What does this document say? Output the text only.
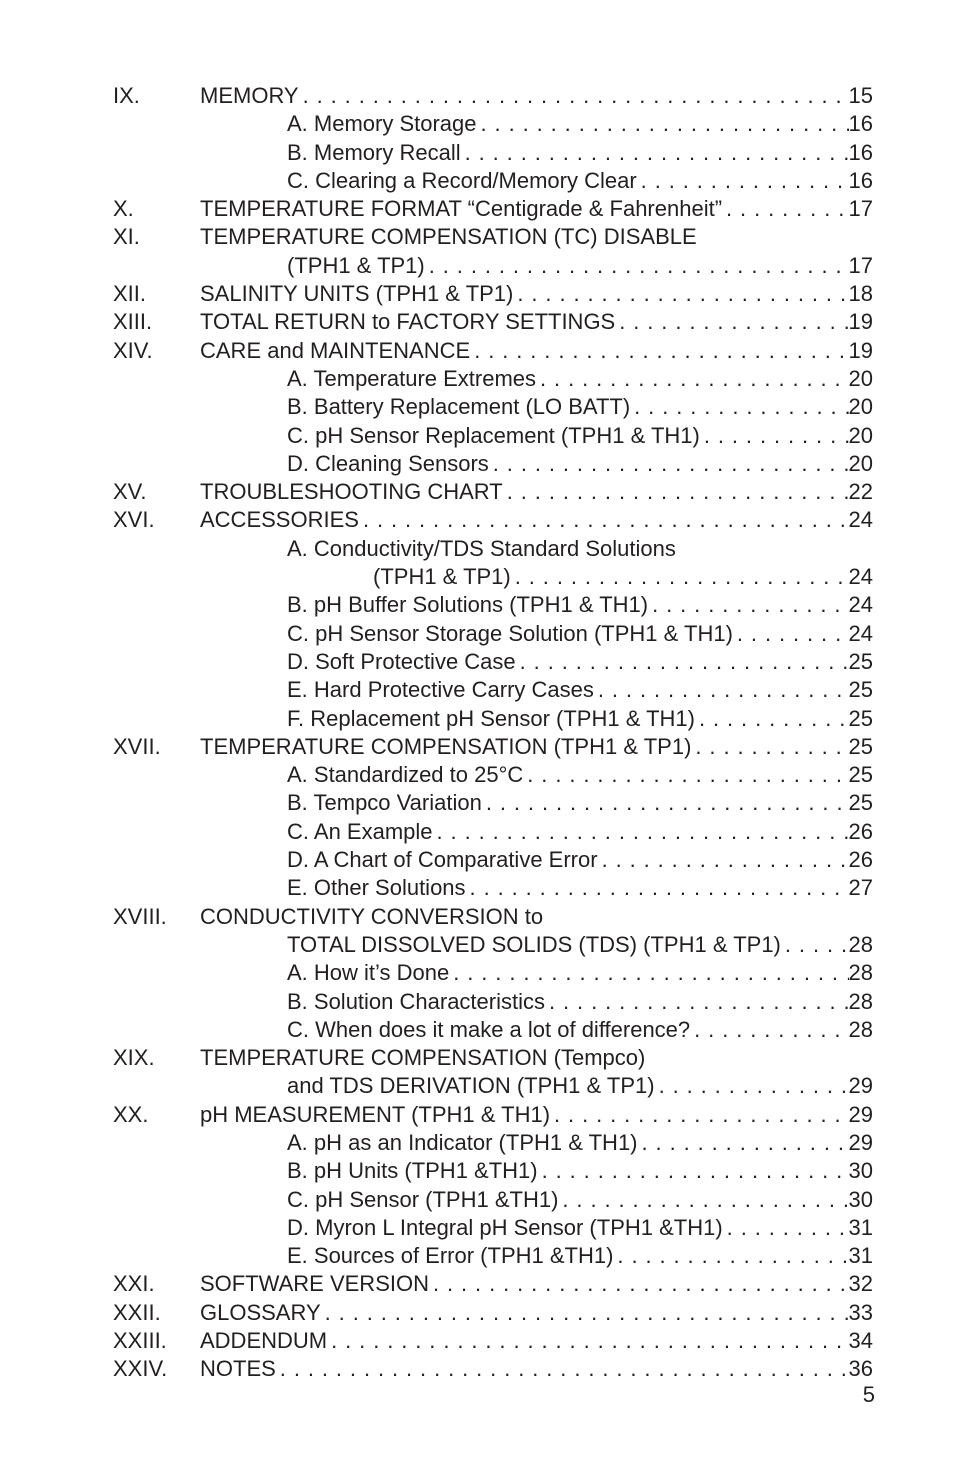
IX.	MEMORY . . .	15
A. Memory Storage . . .	16
B. Memory Recall . . .	16
C. Clearing a Record/Memory Clear . . .	16
X.	TEMPERATURE FORMAT “Centigrade & Fahrenheit” . . .	17
XI.	TEMPERATURE COMPENSATION (TC) DISABLE
(TPH1 & TP1) . . .	17
XII. SALINITY UNITS (TPH1 & TP1) . . .	18
XIII. TOTAL RETURN to FACTORY SETTINGS . . .	19
XIV. CARE and MAINTENANCE . . .	19
A. Temperature Extremes . . .	20
B. Battery Replacement (LO BATT) . . .	20
C. pH Sensor Replacement (TPH1 & TH1) . . .	20
D. Cleaning Sensors . . .	20
XV. TROUBLESHOOTING CHART . . .	22
XVI. ACCESSORIES . . .	24
A. Conductivity/TDS Standard Solutions
(TPH1 & TP1) . . .	24
B. pH Buffer Solutions (TPH1 & TH1) . . .	24
C. pH Sensor Storage Solution (TPH1 & TH1) . . .	24
D. Soft Protective Case . . .	25
E. Hard Protective Carry Cases . . .	25
F. Replacement pH Sensor (TPH1 & TH1) . . .	25
XVII. TEMPERATURE COMPENSATION (TPH1 & TP1) . . .	25
A. Standardized to 25°C . . .	25
B. Tempco Variation . . .	25
C. An Example . . .	26
D. A Chart of Comparative Error . . .	26
E. Other Solutions . . .	27
XVIII. CONDUCTIVITY CONVERSION to
TOTAL DISSOLVED SOLIDS (TDS) (TPH1 & TP1) . . .	28
A. How it’s Done . . .	28
B. Solution Characteristics . . .	28
C. When does it make a lot of difference? . . .	28
XIX. TEMPERATURE COMPENSATION (Tempco)
and TDS DERIVATION (TPH1 & TP1) . . .	29
XX. pH MEASUREMENT (TPH1 & TH1) . . .	29
A. pH as an Indicator (TPH1 & TH1) . . .	29
B. pH Units (TPH1 &TH1) . . .	30
C. pH Sensor (TPH1 &TH1) . . .	30
D. Myron L Integral pH Sensor (TPH1 &TH1) . . .	31
E. Sources of Error (TPH1 &TH1) . . .	31
XXI. SOFTWARE VERSION . . .	32
XXII. GLOSSARY . . .	33
XXIII. ADDENDUM . . .	34
XXIV. NOTES . . .	36
5
